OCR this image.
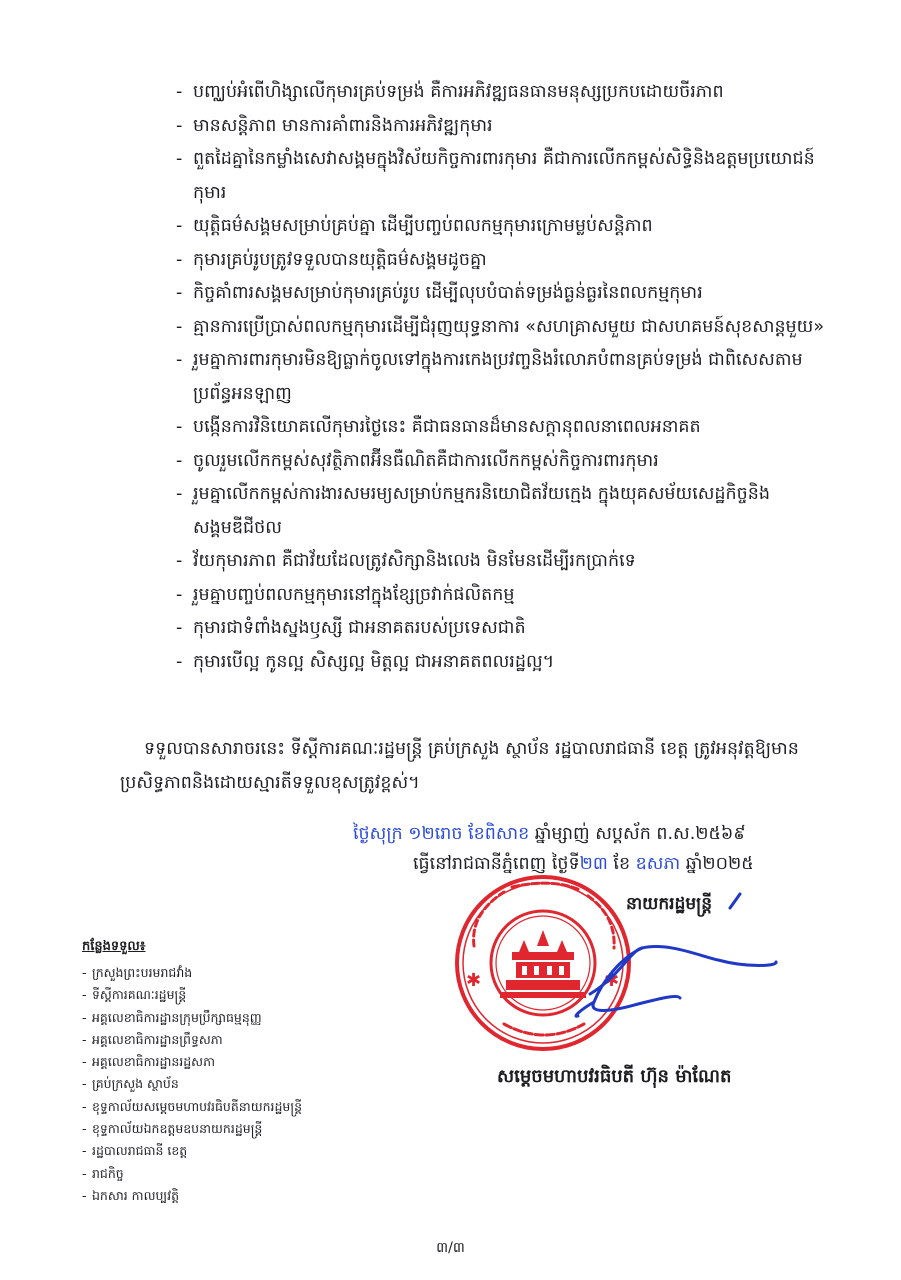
- បញ្ឈប់អំពើហិង្សាលើកុមារគ្រប់ទម្រង់ គឺការអភិវឌ្ឍធនធានមនុស្សប្រកបដោយចីរភាព
- មានសន្តិភាព មានការគាំពារនិងការអភិវឌ្ឍកុមារ
- ពួតដៃគ្នានៃកម្លាំងសេវាសង្គមក្នុងវិស័យកិច្ចការពារកុមារ គឺជាការលើកកម្ពស់សិទ្ធិនិងឧត្តមប្រយោជន៍កុមារ
- យុត្តិធម៌សង្គមសម្រាប់គ្រប់គ្នា ដើម្បីបញ្ចប់ពលកម្មកុមារក្រោមម្លប់សន្តិភាព
- កុមារគ្រប់រូបត្រូវទទួលបានយុត្តិធម៌សង្គមដូចគ្នា
- កិច្ចគាំពារសង្គមសម្រាប់កុមារគ្រប់រូប ដើម្បីលុបបំបាត់ទម្រង់ធ្ងន់ធ្ងរនៃពលកម្មកុមារ
- គ្មានការប្រើប្រាស់ពលកម្មកុមារដើម្បីជំរុញយុទ្ធនាការ «សហគ្រាសមួយ ជាសហគមន៍សុខសាន្តមួយ»
- រួមគ្នាការពារកុមារមិនឱ្យធ្លាក់ចូលទៅក្នុងការកេងប្រវញ្ចនិងរំលោភបំពានគ្រប់ទម្រង់ ជាពិសេសតាមប្រព័ន្ធអនឡាញ
- បង្កើនការវិនិយោគលើកុមារថ្ងៃនេះ គឺជាធនធានដ៏មានសក្តានុពលនាពេលអនាគត
- ចូលរួមលើកកម្ពស់សុវត្ថិភាពអ៊ីនធឺណិតគឺជាការលើកកម្ពស់កិច្ចការពារកុមារ
- រួមគ្នាលើកកម្ពស់ការងារសមរម្យសម្រាប់កម្មករនិយោជិតវ័យក្មេង ក្នុងយុគសម័យសេដ្ឋកិច្ចនិងសង្គមឌីជីថល
- វ័យកុមារភាព គឺជាវ័យដែលត្រូវសិក្សានិងលេង មិនមែនដើម្បីរកប្រាក់ទេ
- រួមគ្នាបញ្ចប់ពលកម្មកុមារនៅក្នុងខ្សែច្រវាក់ផលិតកម្ម
- កុមារជាទំពាំងស្នងឫស្សី ជាអនាគតរបស់ប្រទេសជាតិ
- កុមារបើល្អ កូនល្អ សិស្សល្អ មិត្តល្អ ជាអនាគតពលរដ្ឋល្អ។

ទទួលបានសារាចរនេះ ទីស្តីការគណៈរដ្ឋមន្ត្រី គ្រប់ក្រសួង ស្ថាប័ន រដ្ឋបាលរាជធានី ខេត្ត ត្រូវអនុវត្តឱ្យមានប្រសិទ្ធភាពនិងដោយស្មារតីទទួលខុសត្រូវខ្ពស់។

ថ្ងៃសុក្រ ១២រោច ខែពិសាខ ឆ្នាំម្សាញ់ សប្តស័ក ព.ស.២៥៦៩
ធ្វើនៅរាជធានីភ្នំពេញ ថ្ងៃទី២៣ ខែ ឧសភា ឆ្នាំ២០២៥
✱	✱
នាយករដ្ឋមន្ត្រី
សម្តេចមហាបវរធិបតី ហ៊ុន ម៉ាណែត
កន្លែងទទួល៖
- ក្រសួងព្រះបរមរាជវាំង
- ទីស្តីការគណៈរដ្ឋមន្ត្រី
- អគ្គលេខាធិការដ្ឋានក្រុមប្រឹក្សាធម្មនុញ្ញ
- អគ្គលេខាធិការដ្ឋានព្រឹទ្ធសភា
- អគ្គលេខាធិការដ្ឋានរដ្ឋសភា
- គ្រប់ក្រសួង ស្ថាប័ន
- ខុទ្ទកាល័យសម្តេចមហាបវរធិបតីនាយករដ្ឋមន្ត្រី
- ខុទ្ទកាល័យឯកឧត្តមឧបនាយករដ្ឋមន្ត្រី
- រដ្ឋបាលរាជធានី ខេត្ត
- រាជកិច្ច
- ឯកសារ កាលប្បវត្តិ
៣/៣
